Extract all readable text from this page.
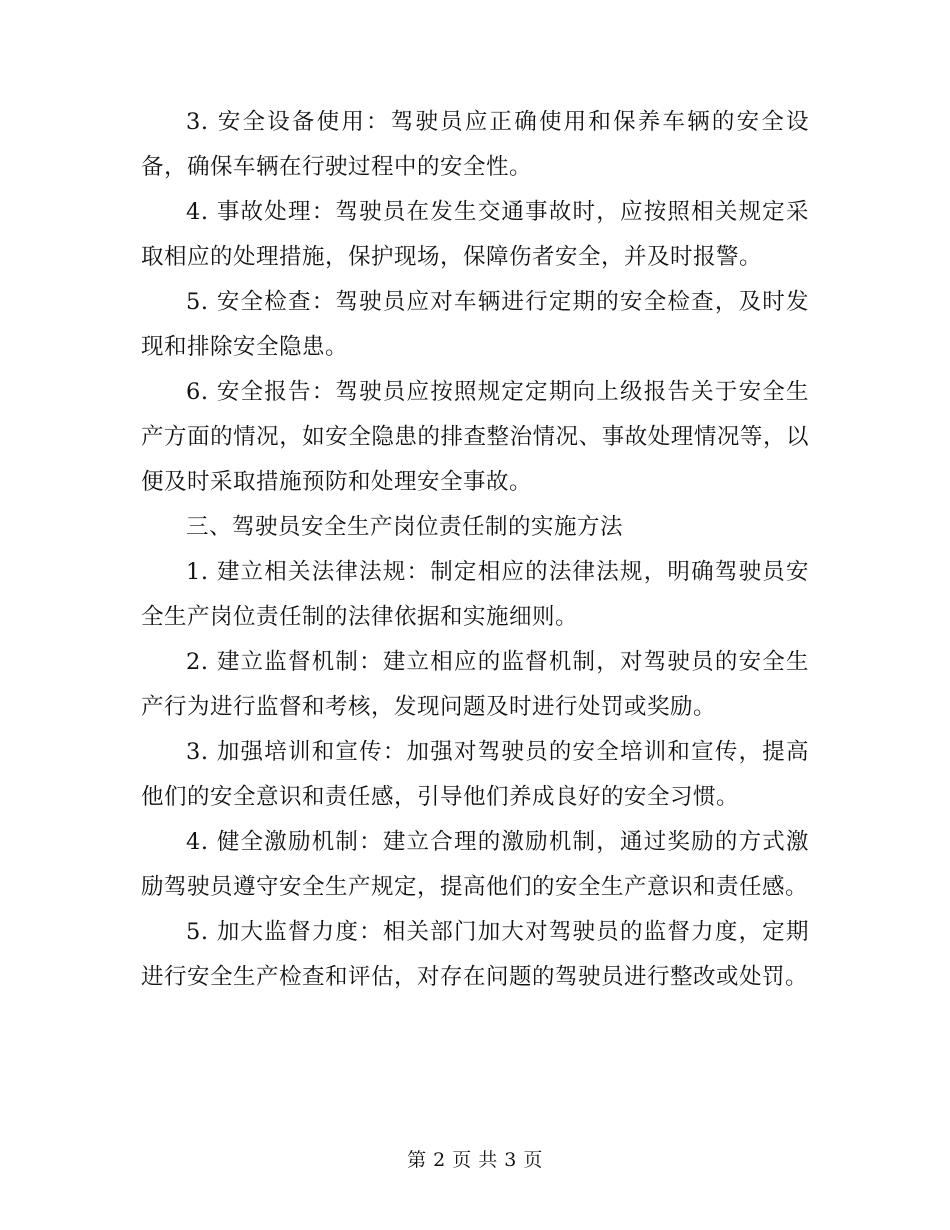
3. 安全设备使用：驾驶员应正确使用和保养车辆的安全设备，确保车辆在行驶过程中的安全性。

4. 事故处理：驾驶员在发生交通事故时，应按照相关规定采取相应的处理措施，保护现场，保障伤者安全，并及时报警。

5. 安全检查：驾驶员应对车辆进行定期的安全检查，及时发现和排除安全隐患。

6. 安全报告：驾驶员应按照规定定期向上级报告关于安全生产方面的情况，如安全隐患的排查整治情况、事故处理情况等，以便及时采取措施预防和处理安全事故。

三、驾驶员安全生产岗位责任制的实施方法

1. 建立相关法律法规：制定相应的法律法规，明确驾驶员安全生产岗位责任制的法律依据和实施细则。

2. 建立监督机制：建立相应的监督机制，对驾驶员的安全生产行为进行监督和考核，发现问题及时进行处罚或奖励。

3. 加强培训和宣传：加强对驾驶员的安全培训和宣传，提高他们的安全意识和责任感，引导他们养成良好的安全习惯。

4. 健全激励机制：建立合理的激励机制，通过奖励的方式激励驾驶员遵守安全生产规定，提高他们的安全生产意识和责任感。

5. 加大监督力度：相关部门加大对驾驶员的监督力度，定期进行安全生产检查和评估，对存在问题的驾驶员进行整改或处罚。

第 2 页 共 3 页
